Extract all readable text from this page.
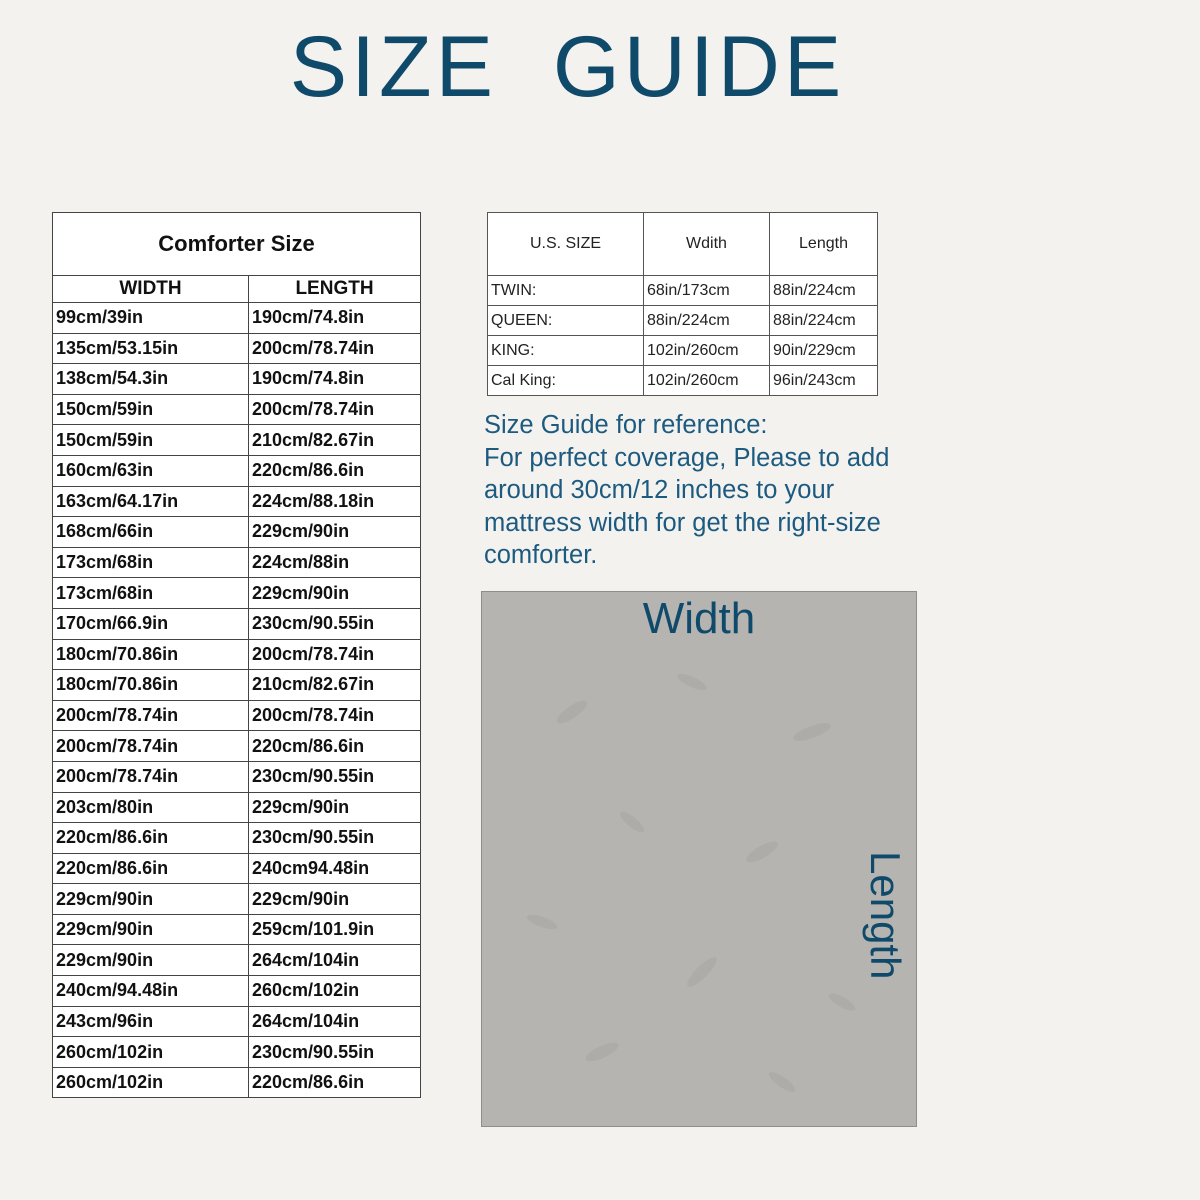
SIZE GUIDE
Comforter Size	
WIDTH	LENGTH
99cm/39in	190cm/74.8in
135cm/53.15in	200cm/78.74in
138cm/54.3in	190cm/74.8in
150cm/59in	200cm/78.74in
150cm/59in	210cm/82.67in
160cm/63in	220cm/86.6in
163cm/64.17in	224cm/88.18in
168cm/66in	229cm/90in
173cm/68in	224cm/88in
173cm/68in	229cm/90in
170cm/66.9in	230cm/90.55in
180cm/70.86in	200cm/78.74in
180cm/70.86in	210cm/82.67in
200cm/78.74in	200cm/78.74in
200cm/78.74in	220cm/86.6in
200cm/78.74in	230cm/90.55in
203cm/80in	229cm/90in
220cm/86.6in	230cm/90.55in
220cm/86.6in	240cm94.48in
229cm/90in	229cm/90in
229cm/90in	259cm/101.9in
229cm/90in	264cm/104in
240cm/94.48in	260cm/102in
243cm/96in	264cm/104in
260cm/102in	230cm/90.55in
260cm/102in	220cm/86.6in
U.S. SIZE	Wdith	Length
TWIN:	68in/173cm	88in/224cm
QUEEN:	88in/224cm	88in/224cm
KING:	102in/260cm	90in/229cm
Cal King:	102in/260cm	96in/243cm
Size Guide for reference:
For perfect coverage, Please to add
around 30cm/12 inches to your
mattress width for get the right-size
comforter.
Width
Length
